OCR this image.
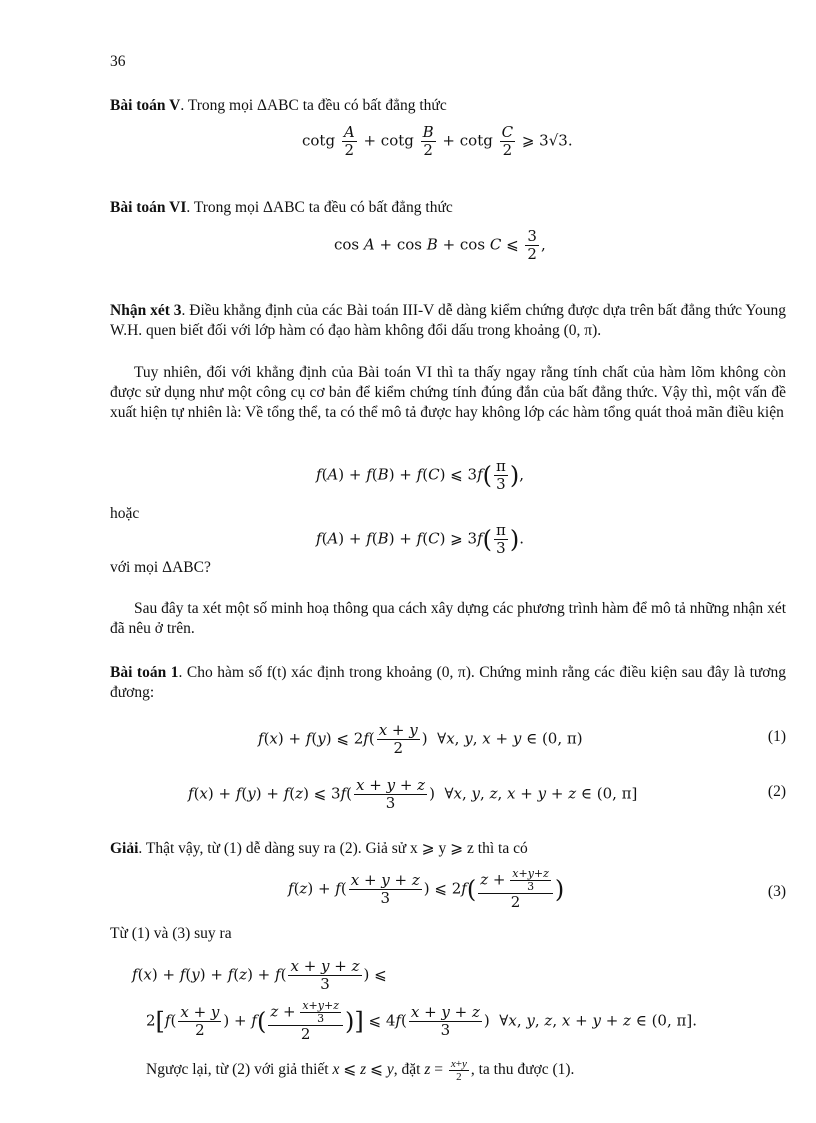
36
Bài toán V. Trong mọi ΔABC ta đều có bất đẳng thức
cotg $\frac{A}{2} + \cot g \frac{B}{2} + \cot g \frac{C}{2}$ ⩾ 3√3.
Bài toán VI. Trong mọi ΔABC ta đều có bất đẳng thức
cos A + cos B + cos C ⩽ $\frac{3}{2}$ ,
Nhận xét 3. Điều khẳng định của các Bài toán III-V dễ dàng kiểm chứng được dựa trên bất đẳng thức Young W.H. quen biết đối với lớp hàm có đạo hàm không đổi dấu trong khoảng (0, π).
Tuy nhiên, đối với khẳng định của Bài toán VI thì ta thấy ngay rằng tính chất của hàm lõm không còn được sử dụng như một công cụ cơ bản để kiểm chứng tính đúng đắn của bất đẳng thức. Vậy thì, một vấn đề xuất hiện tự nhiên là: Về tổng thể, ta có thể mô tả được hay không lớp các hàm tổng quát thoả mãn điều kiện
f(A) + f(B) + f(C) ⩽ $3f( \frac{\pi}{3}$ ),
hoặc
f(A) + f(B) + f(C) ⩾ $3f( \frac{\pi}{3}$ ).
với mọi ΔABC?
Sau đây ta xét một số minh hoạ thông qua cách xây dựng các phương trình hàm để mô tả những nhận xét đã nêu ở trên.
Bài toán 1. Cho hàm số f(t) xác định trong khoảng (0, π). Chứng minh rằng các điều kiện sau đây là tương đương:
f(x) + f(y) ⩽ $2f( \frac{x + y}{2}$ )  ∀x, y, x + y ∈ (0, π)	(1)
f(x) + f(y) + f(z) ⩽ $3f( \frac{x + y + z}{3}$ )  ∀x, y, z, x + y + z ∈ (0, π]	(2)
Giải. Thật vậy, từ (1) dễ dàng suy ra (2). Giả sử x ⩾ y ⩾ z thì ta có
$f(z) + f( \frac{x + y + z}{3}$ ) ⩽ $2f( \frac{z + \frac{x+y+z}{3}}{2}$ )	(3)
Từ (1) và (3) suy ra
$f(x) + f(y) + f(z) + f( \frac{x + y + z}{3}$ ) ⩽
$2[f( \frac{x + y}{2}$ ) + $f( \frac{z + \frac{x+y+z}{3}}{2}$ )] ⩽ $4f( \frac{x + y + z}{3}$ )  ∀x, y, z, x + y + z ∈ (0, π].
Ngược lại, từ (2) với giả thiết x ⩽ z ⩽ y, đặt $z = \frac{x+y}{2}$ , ta thu được (1).
